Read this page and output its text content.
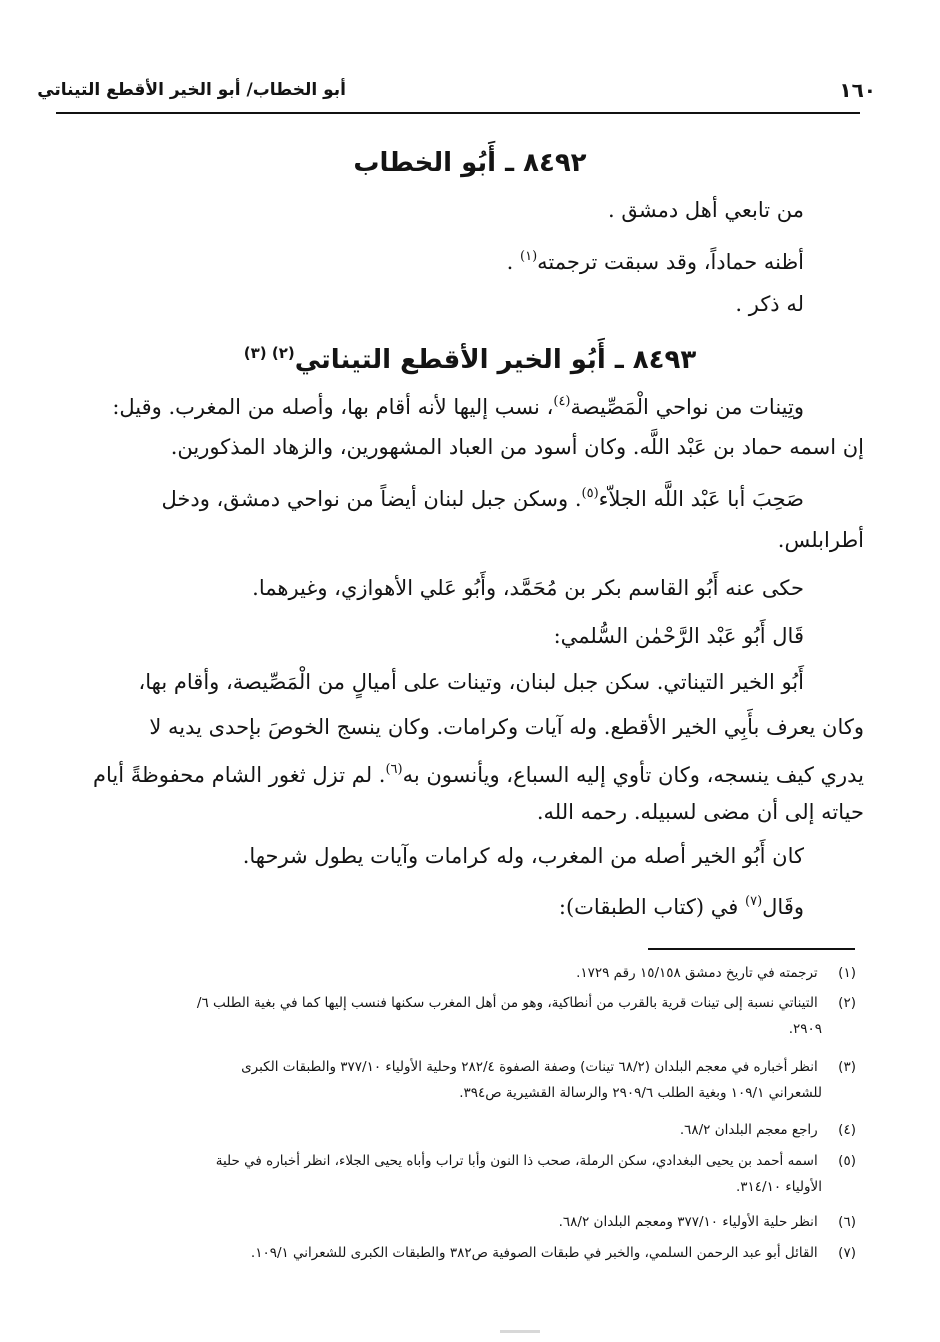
أبو الخطاب/ أبو الخير الأقطع التيناتي	١٦٠
٨٤٩٢ ـ أَبُو الخطاب
من تابعي أهل دمشق .
أظنه حماداً، وقد سبقت ترجمته$^{(١)}$ .
له ذكر .
٨٤٩٣ ـ أَبُو الخير الأقطع التيناتي$^{(٢) (٣)}$
وتِينات من نواحي الْمَصِّيصة$^{(٤)}$، نسب إليها لأنه أقام بها، وأصله من المغرب. وقيل:
إن اسمه حماد بن عَبْد اللَّه. وكان أسود من العباد المشهورين، والزهاد المذكورين.
صَحِبَ أبا عَبْد اللَّه الجلاّء$^{(٥)}$. وسكن جبل لبنان أيضاً من نواحي دمشق، ودخل
أطرابلس.
حكى عنه أَبُو القاسم بكر بن مُحَمَّد، وأَبُو عَلي الأهوازي، وغيرهما.
قَال أَبُو عَبْد الرَّحْمٰن السُّلمي:
أَبُو الخير التيناتي. سكن جبل لبنان، وتينات على أميالٍ من الْمَصِّيصة، وأقام بها،
وكان يعرف بأَبِي الخير الأقطع. وله آيات وكرامات. وكان ينسج الخوصَ بإحدى يديه لا
يدري كيف ينسجه، وكان تأوي إليه السباع، ويأنسون به$^{(٦)}$. لم تزل ثغور الشام محفوظةً أيام
حياته إلى أن مضى لسبيله. رحمه الله.
كان أَبُو الخير أصله من المغرب، وله كرامات وآيات يطول شرحها.
وقَال$^{(٧)}$ في (كتاب الطبقات):
(١) ترجمته في تاريخ دمشق ١٥/١٥٨ رقم ١٧٢٩.
(٢) التيناتي نسبة إلى تينات قرية بالقرب من أنطاكية، وهو من أهل المغرب سكنها فنسب إليها كما في بغية الطلب ٦/
٢٩٠٩.
(٣) انظر أخباره في معجم البلدان (٦٨/٢ تينات) وصفة الصفوة ٢٨٢/٤ وحلية الأولياء ٣٧٧/١٠ والطبقات الكبرى
للشعراني ١٠٩/١ وبغية الطلب ٢٩٠٩/٦ والرسالة القشيرية ص٣٩٤.
(٤) راجع معجم البلدان ٦٨/٢.
(٥) اسمه أحمد بن يحيى البغدادي، سكن الرملة، صحب ذا النون وأبا تراب وأباه يحيى الجلاء، انظر أخباره في حلية
الأولياء ٣١٤/١٠.
(٦) انظر حلية الأولياء ٣٧٧/١٠ ومعجم البلدان ٦٨/٢.
(٧) القائل أبو عبد الرحمن السلمي، والخبر في طبقات الصوفية ص٣٨٢ والطبقات الكبرى للشعراني ١٠٩/١.
